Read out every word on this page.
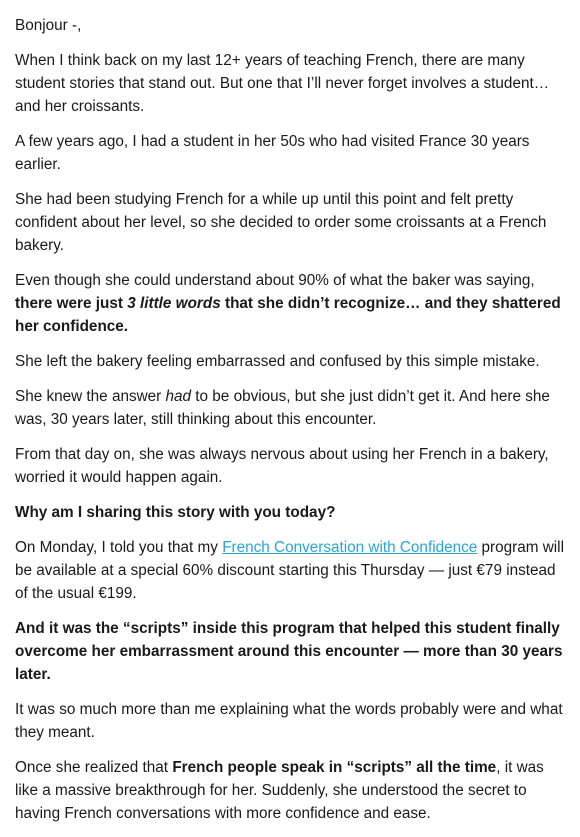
Bonjour -,

When I think back on my last 12+ years of teaching French, there are many student stories that stand out. But one that I’ll never forget involves a student… and her croissants.

A few years ago, I had a student in her 50s who had visited France 30 years earlier.

She had been studying French for a while up until this point and felt pretty confident about her level, so she decided to order some croissants at a French bakery.

Even though she could understand about 90% of what the baker was saying, there were just 3 little words that she didn’t recognize… and they shattered her confidence.

She left the bakery feeling embarrassed and confused by this simple mistake.

She knew the answer had to be obvious, but she just didn’t get it. And here she was, 30 years later, still thinking about this encounter.

From that day on, she was always nervous about using her French in a bakery, worried it would happen again.

Why am I sharing this story with you today?

On Monday, I told you that my French Conversation with Confidence program will be available at a special 60% discount starting this Thursday — just €79 instead of the usual €199.

And it was the “scripts” inside this program that helped this student finally overcome her embarrassment around this encounter — more than 30 years later.

It was so much more than me explaining what the words probably were and what they meant.

Once she realized that French people speak in “scripts” all the time, it was like a massive breakthrough for her. Suddenly, she understood the secret to having French conversations with more confidence and ease.
